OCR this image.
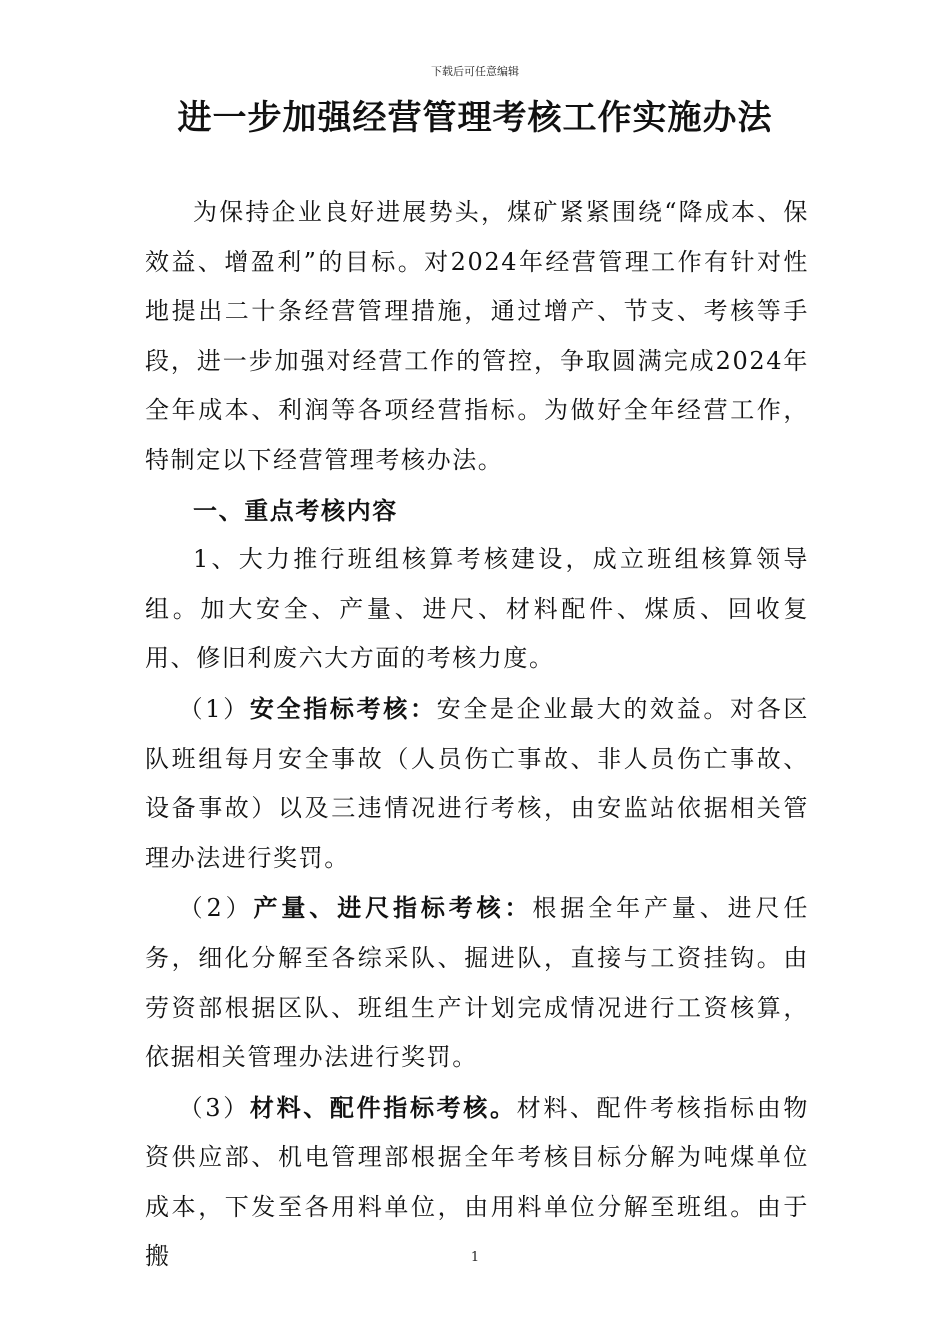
下载后可任意编辑
进一步加强经营管理考核工作实施办法

为保持企业良好进展势头，煤矿紧紧围绕“降成本、保效益、增盈利”的目标。对2024年经营管理工作有针对性地提出二十条经营管理措施，通过增产、节支、考核等手段，进一步加强对经营工作的管控，争取圆满完成2024年全年成本、利润等各项经营指标。为做好全年经营工作，特制定以下经营管理考核办法。

一、重点考核内容

1、大力推行班组核算考核建设，成立班组核算领导组。加大安全、产量、进尺、材料配件、煤质、回收复用、修旧利废六大方面的考核力度。

（1）安全指标考核：安全是企业最大的效益。对各区队班组每月安全事故（人员伤亡事故、非人员伤亡事故、设备事故）以及三违情况进行考核，由安监站依据相关管理办法进行奖罚。

（2）产量、进尺指标考核：根据全年产量、进尺任务，细化分解至各综采队、掘进队，直接与工资挂钩。由劳资部根据区队、班组生产计划完成情况进行工资核算，依据相关管理办法进行奖罚。

（3）材料、配件指标考核。材料、配件考核指标由物资供应部、机电管理部根据全年考核目标分解为吨煤单位成本，下发至各用料单位，由用料单位分解至班组。由于搬	1
